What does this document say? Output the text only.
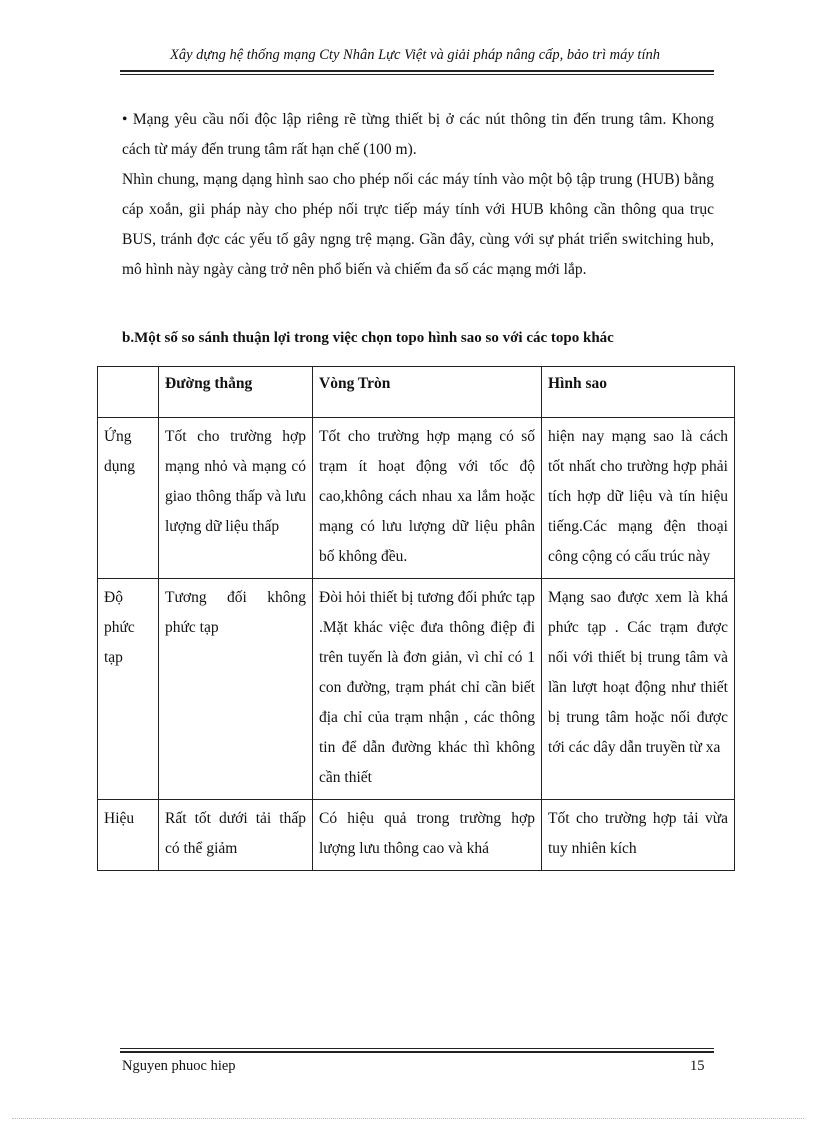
Xây dựng hệ thống mạng Cty Nhân Lực Việt và giải pháp nâng cấp, bảo trì máy tính

• Mạng yêu cầu nối độc lập riêng rẽ từng thiết bị ở các nút thông tin đến trung tâm. Khong cách từ máy đến trung tâm rất hạn chế (100 m).

Nhìn chung, mạng dạng hình sao cho phép nối các máy tính vào một bộ tập trung (HUB) bằng cáp xoắn, gii pháp này cho phép nối trực tiếp máy tính với HUB không cần thông qua trục BUS, tránh đợc các yếu tố gây ngng trệ mạng. Gần đây, cùng với sự phát triển switching hub, mô hình này ngày càng trở nên phổ biến và chiếm đa số các mạng mới lắp.

b.Một số so sánh thuận lợi trong việc chọn topo hình sao so với các topo khác
	Đường thẳng	Vòng Tròn	Hình sao
Ứng dụng	Tốt cho trường hợp mạng nhỏ và mạng có giao thông thấp và lưu lượng dữ liệu thấp	Tốt cho trường hợp mạng có số trạm ít hoạt động với tốc độ cao,không cách nhau xa lắm hoặc mạng có lưu lượng dữ liệu phân bố không đều.	hiện nay mạng sao là cách tốt nhất cho trường hợp phải tích hợp dữ liệu và tín hiệu tiếng.Các mạng đện thoại công cộng có cấu trúc này
Độ phức tạp	Tương đối không phức tạp	Đòi hỏi thiết bị tương đối phức tạp .Mặt khác việc đưa thông điệp đi trên tuyến là đơn giản, vì chỉ có 1 con đường, trạm phát chỉ cần biết địa chỉ của trạm nhận , các thông tin để dẫn đường khác thì không cần thiết	Mạng sao được xem là khá phức tạp . Các trạm được nối với thiết bị trung tâm và lần lượt hoạt động như thiết bị trung tâm hoặc nối được tới các dây dẫn truyền từ xa
Hiệu	Rất tốt dưới tải thấp có thể giảm	Có hiệu quả trong trường hợp lượng lưu thông cao và khá	Tốt cho trường hợp tải vừa tuy nhiên kích
Nguyen phuoc hiep	15
